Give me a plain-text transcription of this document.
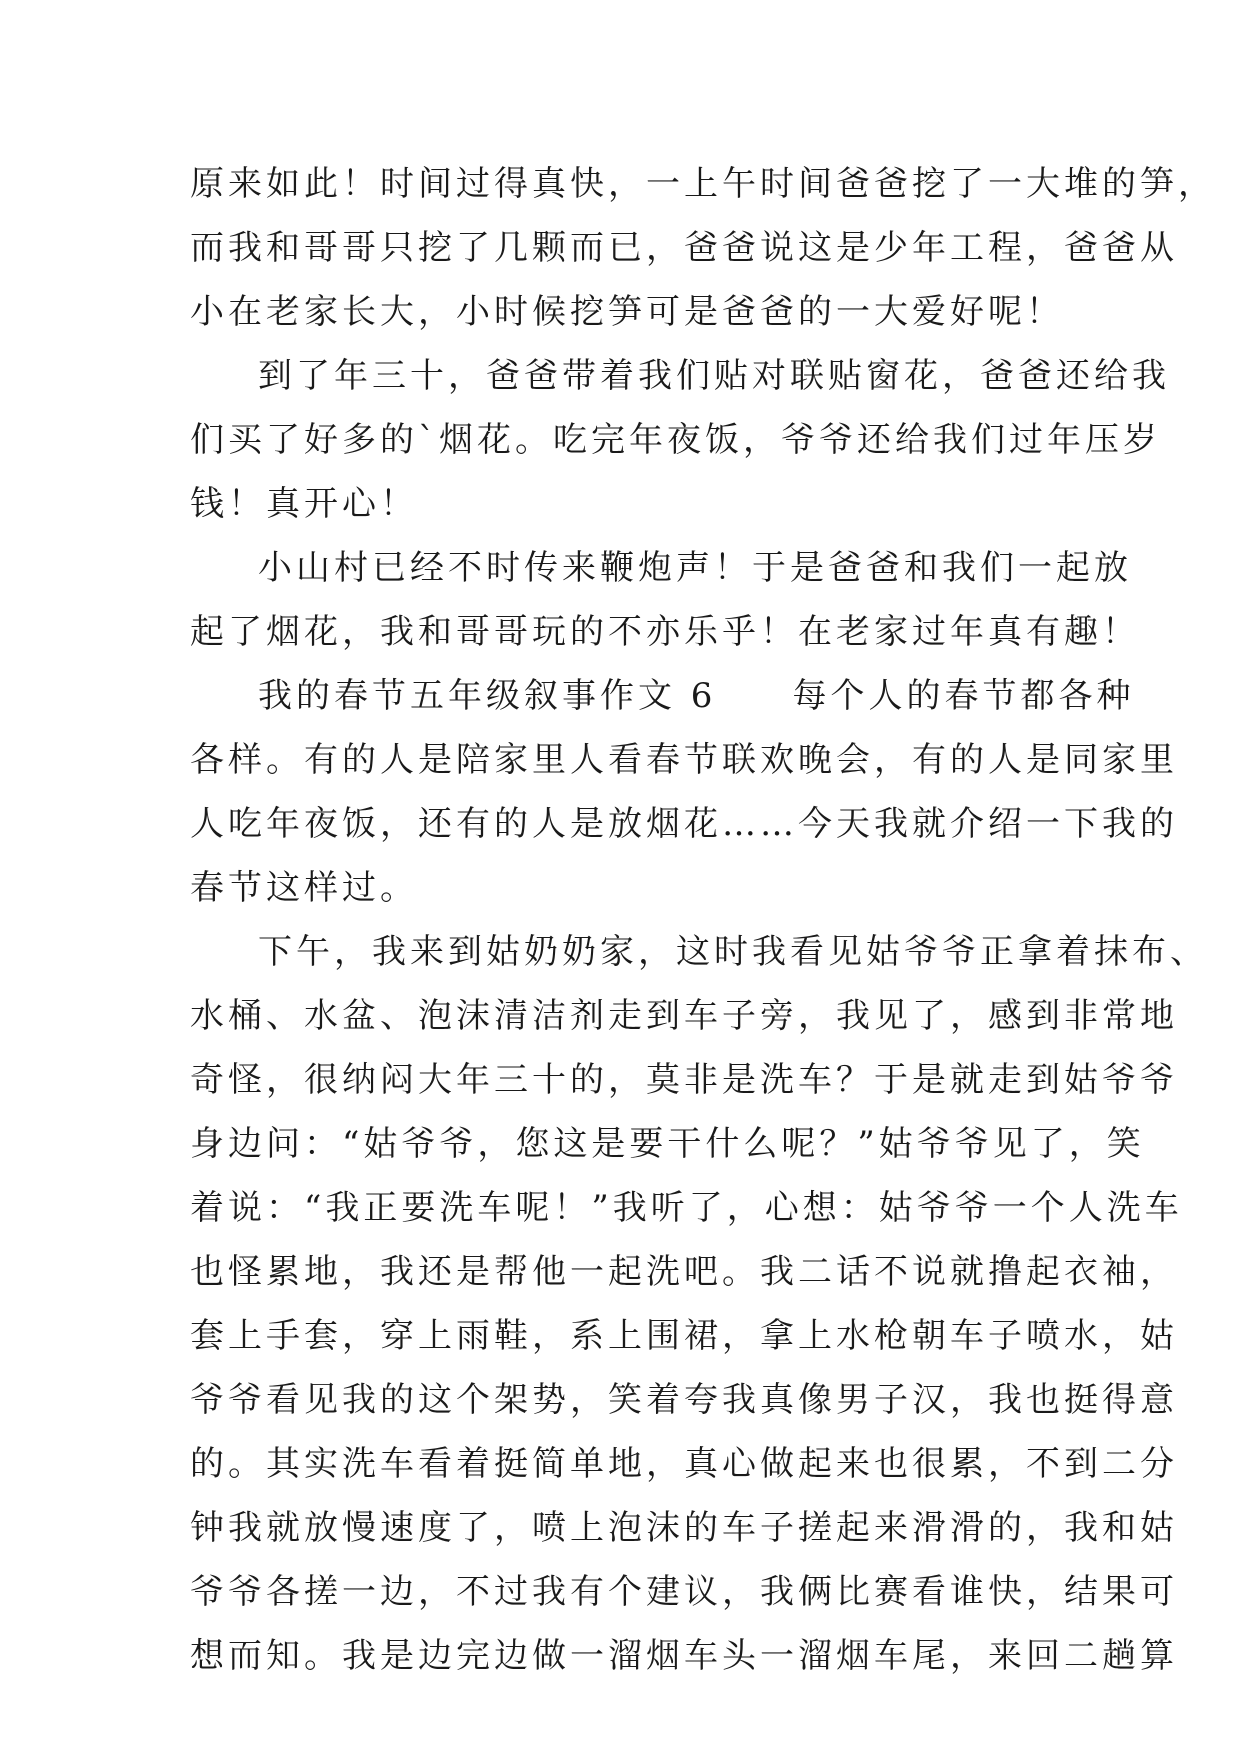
原来如此！时间过得真快，一上午时间爸爸挖了一大堆的笋，
而我和哥哥只挖了几颗而已，爸爸说这是少年工程，爸爸从
小在老家长大，小时候挖笋可是爸爸的一大爱好呢！
到了年三十，爸爸带着我们贴对联贴窗花，爸爸还给我
们买了好多的`烟花。吃完年夜饭，爷爷还给我们过年压岁
钱！真开心！
小山村已经不时传来鞭炮声！于是爸爸和我们一起放
起了烟花，我和哥哥玩的不亦乐乎！在老家过年真有趣！
我的春节五年级叙事作文 6　　每个人的春节都各种
各样。有的人是陪家里人看春节联欢晚会，有的人是同家里
人吃年夜饭，还有的人是放烟花……今天我就介绍一下我的
春节这样过。
下午，我来到姑奶奶家，这时我看见姑爷爷正拿着抹布、
水桶、水盆、泡沫清洁剂走到车子旁，我见了，感到非常地
奇怪，很纳闷大年三十的，莫非是洗车？于是就走到姑爷爷
身边问：“姑爷爷，您这是要干什么呢？”姑爷爷见了，笑
着说：“我正要洗车呢！”我听了，心想：姑爷爷一个人洗车
也怪累地，我还是帮他一起洗吧。我二话不说就撸起衣袖，
套上手套，穿上雨鞋，系上围裙，拿上水枪朝车子喷水，姑
爷爷看见我的这个架势，笑着夸我真像男子汉，我也挺得意
的。其实洗车看着挺简单地，真心做起来也很累，不到二分
钟我就放慢速度了，喷上泡沫的车子搓起来滑滑的，我和姑
爷爷各搓一边，不过我有个建议，我俩比赛看谁快，结果可
想而知。我是边完边做一溜烟车头一溜烟车尾，来回二趟算
